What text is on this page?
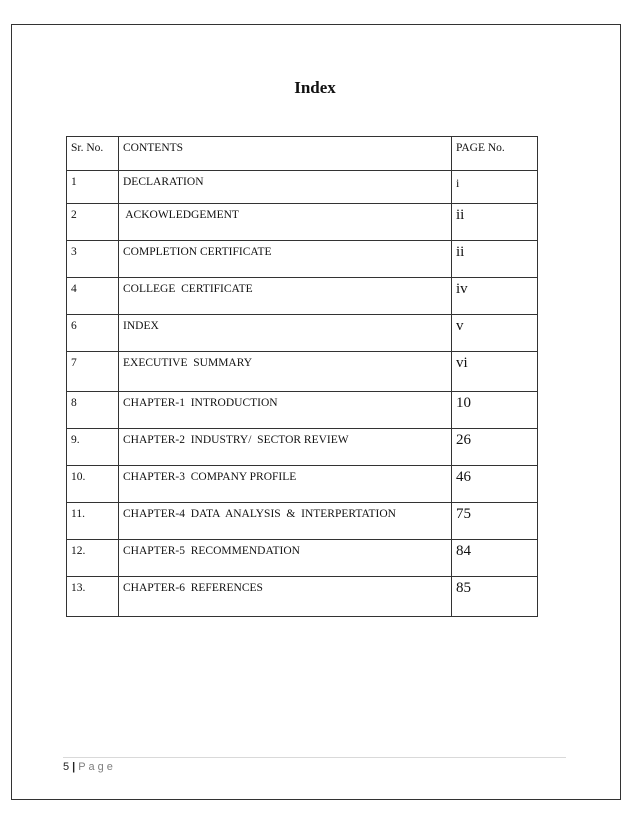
Index
Sr. No.	CONTENTS	PAGE No.
1	DECLARATION	i
2	ACKOWLEDGEMENT	ii
3	COMPLETION CERTIFICATE	ii
4	COLLEGE  CERTIFICATE	iv
6	INDEX	v
7	EXECUTIVE  SUMMARY	vi
8	CHAPTER-1  INTRODUCTION	10
9.	CHAPTER-2  INDUSTRY/  SECTOR REVIEW	26
10.	CHAPTER-3  COMPANY PROFILE	46
11.	CHAPTER-4  DATA  ANALYSIS  &  INTERPERTATION	75
12.	CHAPTER-5  RECOMMENDATION	84
13.	CHAPTER-6  REFERENCES	85
5 | Page
